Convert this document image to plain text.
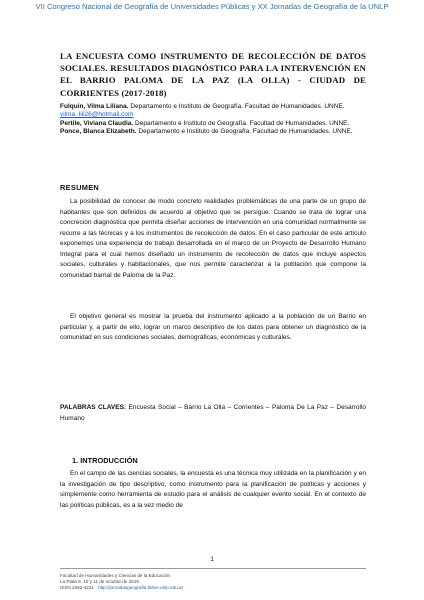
VII Congreso Nacional de Geografía de Universidades Públicas y XX Jornadas de Geografía de la UNLP
LA ENCUESTA COMO INSTRUMENTO DE RECOLECCIÓN DE DATOS SOCIALES. RESULTADOS DIAGNÓSTICO PARA LA INTERVENCIÓN EN EL BARRIO PALOMA DE LA PAZ (LA OLLA) - CIUDAD DE CORRIENTES (2017-2018)

Fulquin, Vilma Liliana. Departamento e Instituto de Geografía. Facultad de Humanidades. UNNE. vilma_lili26@hotmail.com

Pertile, Viviana Claudia. Departamento e Instituto de Geografía. Facultad de Humanidades. UNNE.

Ponce, Blanca Elizabeth. Departamento e Instituto de Geografía. Facultad de Humanidades. UNNE.

RESUMEN

La posibilidad de conocer de modo concreto realidades problemáticas de una parte de un grupo de habitantes que son definidos de acuerdo al objetivo que se persigue. Cuando se trata de lograr una concreción diagnóstica que permita diseñar acciones de intervención en una comunidad normalmente se recurre a las técnicas y a los instrumentos de recolección de datos. En el caso particular de este artículo exponemos una experiencia de trabajo desarrollada en el marco de un Proyecto de Desarrollo Humano Integral para el cual hemos diseñado un instrumento de recolección de datos que incluye aspectos sociales, culturales y habitacionales, que nos permite caracterizar a la población que compone la comunidad barrial de Paloma de la Paz.

El objetivo general es mostrar la prueba del instrumento aplicado a la población de un Barrio en particular y, a partir de ello, lograr un marco descriptivo de los datos para obtener un diagnóstico de la comunidad en sus condiciones sociales, demográficas, económicas y culturales.

PALABRAS CLAVES: Encuesta Social – Barrio La Olla – Corrientes – Paloma De La Paz – Desarrollo Humano

1. INTRODUCCIÓN

En el campo de las ciencias sociales, la encuesta es una técnica muy utilizada en la planificación y en la investigación de tipo descriptivo, como instrumento para la planificación de políticas y acciones y simplemente como herramienta de estudio para el análisis de cualquier evento social. En el contexto de las políticas públicas, es a la vez medio de

1

Facultad de Humanidades y Ciencias de la Educación

La Plata 9, 10 y 11 de octubre de 2019

ISSN 2362-4231 · http://jornadasgeografia.fahce.unlp.edu.ar
